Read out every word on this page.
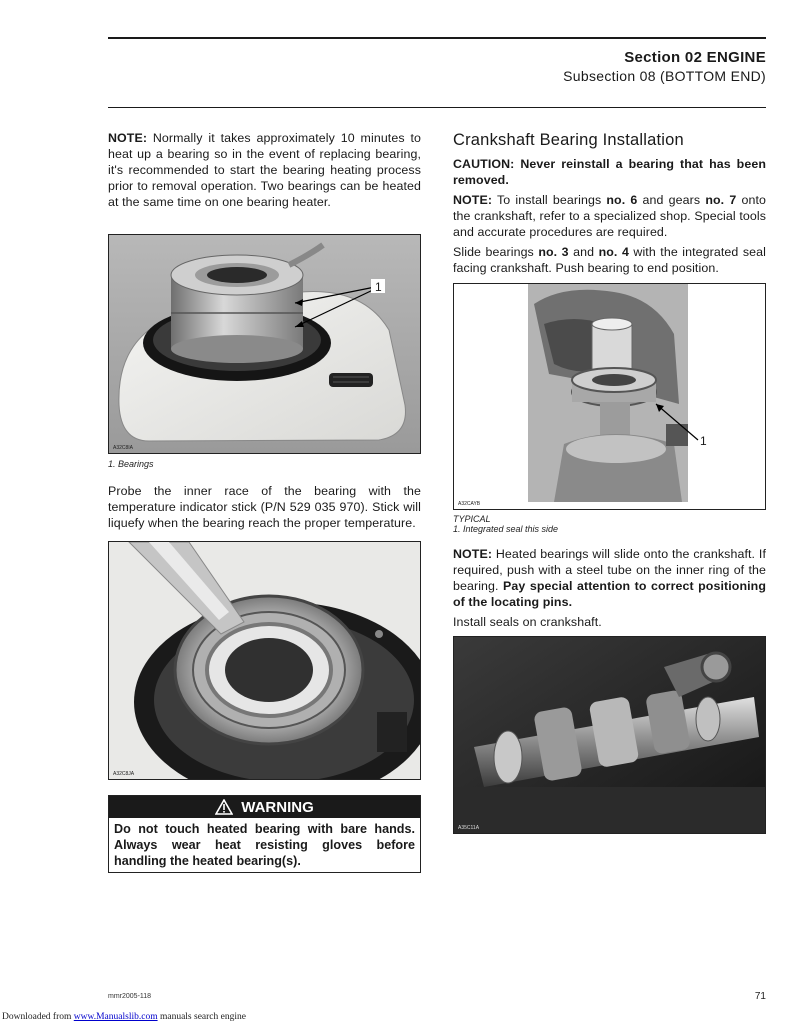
Section 02 ENGINE
Subsection 08 (BOTTOM END)

NOTE: Normally it takes approximately 10 minutes to heat up a bearing so in the event of replacing bearing, it's recommended to start the bearing heating process prior to removal operation. Two bearings can be heated at the same time on one bearing heater.

1
A32C8IA
1. Bearings

Probe the inner race of the bearing with the temperature indicator stick (P/N 529 035 970). Stick will liquefy when the bearing reach the proper temperature.

A32C8JA
WARNING
Do not touch heated bearing with bare hands. Always wear heat resisting gloves before handling the heated bearing(s).
Crankshaft Bearing Installation

CAUTION: Never reinstall a bearing that has been removed.

NOTE: To install bearings no. 6 and gears no. 7 onto the crankshaft, refer to a specialized shop. Special tools and accurate procedures are required.

Slide bearings no. 3 and no. 4 with the integrated seal facing crankshaft. Push bearing to end position.

1
A32CAYB
TYPICAL
1. Integrated seal this side

NOTE: Heated bearings will slide onto the crankshaft. If required, push with a steel tube on the inner ring of the bearing. Pay special attention to correct positioning of the locating pins.

Install seals on crankshaft.

A35C11A
mmr2005-118	71
Downloaded from www.Manualslib.com manuals search engine
